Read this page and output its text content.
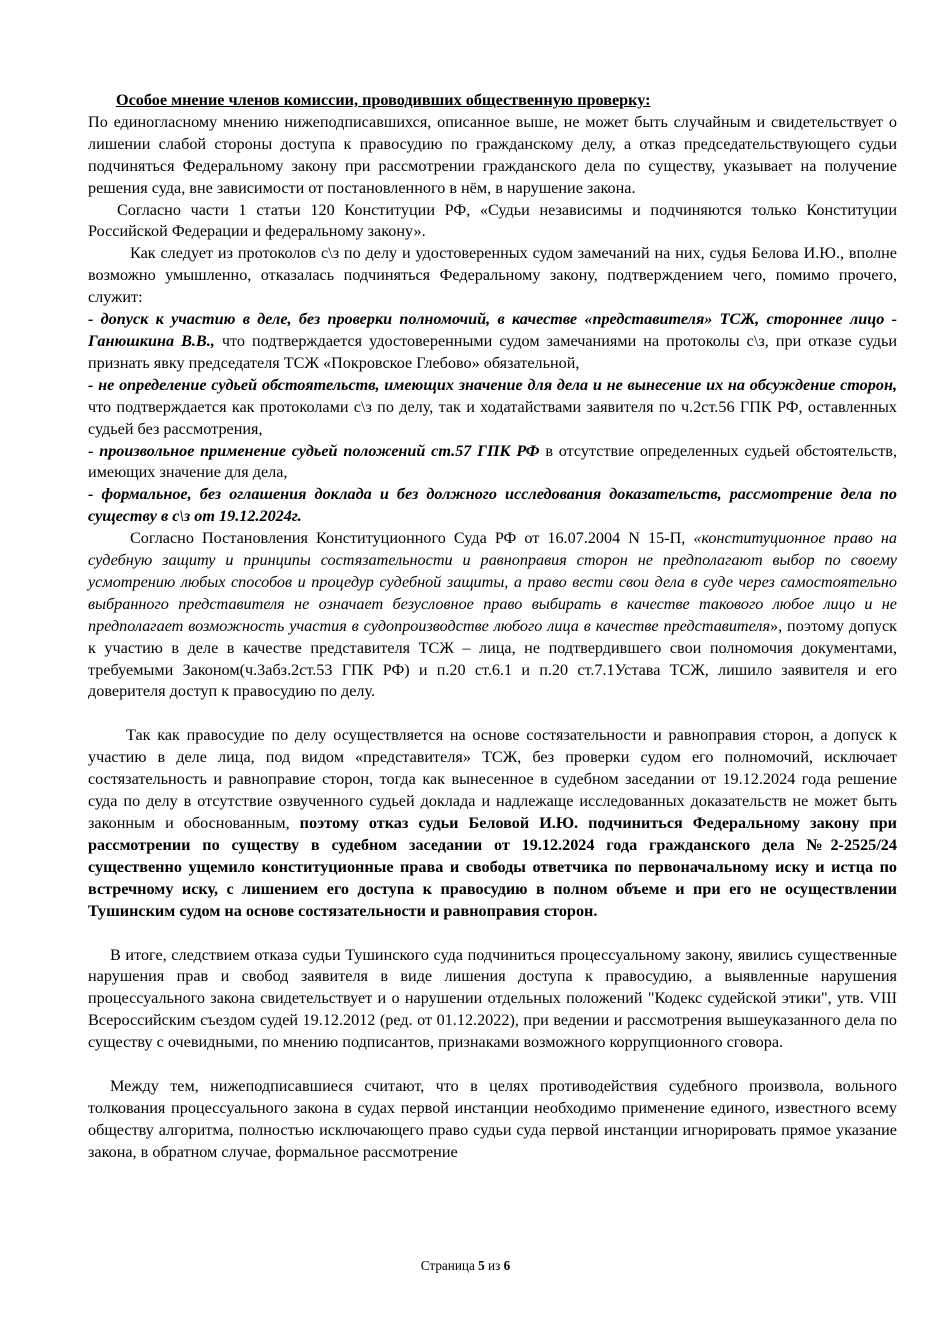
Особое мнение членов комиссии, проводивших общественную проверку:

По единогласному мнению нижеподписавшихся, описанное выше, не может быть случайным и свидетельствует о лишении слабой стороны доступа к правосудию по гражданскому делу, а отказ председательствующего судьи подчиняться Федеральному закону при рассмотрении гражданского дела по существу, указывает на получение решения суда, вне зависимости от постановленного в нём, в нарушение закона.

Согласно части 1 статьи 120 Конституции РФ, «Судьи независимы и подчиняются только Конституции Российской Федерации и федеральному закону».

Как следует из протоколов с\з по делу и удостоверенных судом замечаний на них, судья Белова И.Ю., вполне возможно умышленно, отказалась подчиняться Федеральному закону, подтверждением чего, помимо прочего, служит:

- допуск к участию в деле, без проверки полномочий, в качестве «представителя» ТСЖ, стороннее лицо - Ганюшкина В.В., что подтверждается удостоверенными судом замечаниями на протоколы с\з, при отказе судьи признать явку председателя ТСЖ «Покровское Глебово» обязательной,

- не определение судьей обстоятельств, имеющих значение для дела и не вынесение их на обсуждение сторон, что подтверждается как протоколами с\з по делу, так и ходатайствами заявителя по ч.2ст.56 ГПК РФ, оставленных судьей без рассмотрения,

- произвольное применение судьей положений ст.57 ГПК РФ в отсутствие определенных судьей обстоятельств, имеющих значение для дела,

- формальное, без оглашения доклада и без должного исследования доказательств, рассмотрение дела по существу в с\з от 19.12.2024г.

Согласно Постановления Конституционного Суда РФ от 16.07.2004 N 15-П, «конституционное право на судебную защиту и принципы состязательности и равноправия сторон не предполагают выбор по своему усмотрению любых способов и процедур судебной защиты, а право вести свои дела в суде через самостоятельно выбранного представителя не означает безусловное право выбирать в качестве такового любое лицо и не предполагает возможность участия в судопроизводстве любого лица в качестве представителя», поэтому допуск к участию в деле в качестве представителя ТСЖ – лица, не подтвердившего свои полномочия документами, требуемыми Законом(ч.3абз.2ст.53 ГПК РФ) и п.20 ст.6.1 и п.20 ст.7.1Устава ТСЖ, лишило заявителя и его доверителя доступ к правосудию по делу.

Так как правосудие по делу осуществляется на основе состязательности и равноправия сторон, а допуск к участию в деле лица, под видом «представителя» ТСЖ, без проверки судом его полномочий, исключает состязательность и равноправие сторон, тогда как вынесенное в судебном заседании от 19.12.2024 года решение суда по делу в отсутствие озвученного судьей доклада и надлежаще исследованных доказательств не может быть законным и обоснованным, поэтому отказ судьи Беловой И.Ю. подчиниться Федеральному закону при рассмотрении по существу в судебном заседании от 19.12.2024 года гражданского дела №2-2525/24 существенно ущемило конституционные права и свободы ответчика по первоначальному иску и истца по встречному иску, с лишением его доступа к правосудию в полном объеме и при его не осуществлении Тушинским судом на основе состязательности и равноправия сторон.

В итоге, следствием отказа судьи Тушинского суда подчиниться процессуальному закону, явились существенные нарушения прав и свобод заявителя в виде лишения доступа к правосудию, а выявленные нарушения процессуального закона свидетельствует и о нарушении отдельных положений "Кодекс судейской этики", утв. VIII Всероссийским съездом судей 19.12.2012 (ред. от 01.12.2022), при ведении и рассмотрения вышеуказанного дела по существу с очевидными, по мнению подписантов, признаками возможного коррупционного сговора.

Между тем, нижеподписавшиеся считают, что в целях противодействия судебного произвола, вольного толкования процессуального закона в судах первой инстанции необходимо применение единого, известного всему обществу алгоритма, полностью исключающего право судьи суда первой инстанции игнорировать прямое указание закона, в обратном случае, формальное рассмотрение

Страница 5 из 6
